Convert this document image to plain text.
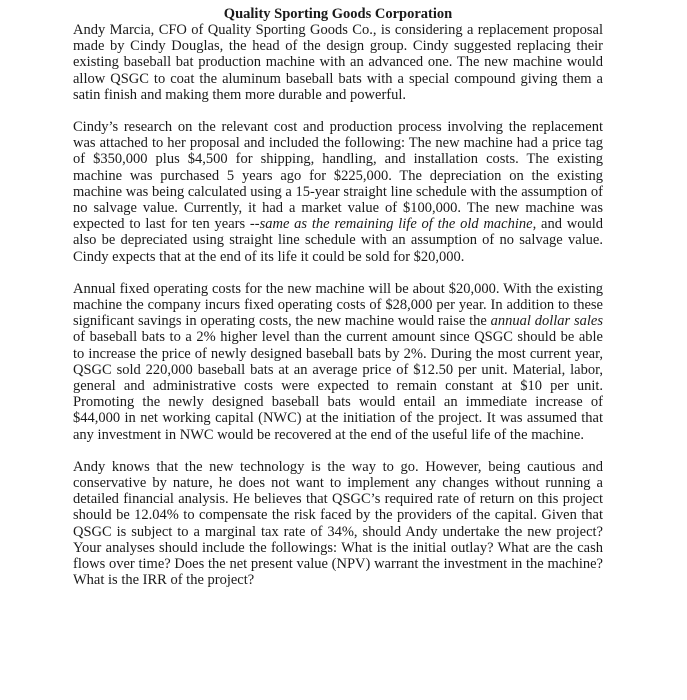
Quality Sporting Goods Corporation

Andy Marcia, CFO of Quality Sporting Goods Co., is considering a replacement proposal made by Cindy Douglas, the head of the design group. Cindy suggested replacing their existing baseball bat production machine with an advanced one. The new machine would allow QSGC to coat the aluminum baseball bats with a special compound giving them a satin finish and making them more durable and powerful.

Cindy’s research on the relevant cost and production process involving the replacement was attached to her proposal and included the following: The new machine had a price tag of $350,000 plus $4,500 for shipping, handling, and installation costs. The existing machine was purchased 5 years ago for $225,000. The depreciation on the existing machine was being calculated using a 15-year straight line schedule with the assumption of no salvage value. Currently, it had a market value of $100,000. The new machine was expected to last for ten years --same as the remaining life of the old machine, and would also be depreciated using straight line schedule with an assumption of no salvage value. Cindy expects that at the end of its life it could be sold for $20,000.

Annual fixed operating costs for the new machine will be about $20,000. With the existing machine the company incurs fixed operating costs of $28,000 per year. In addition to these significant savings in operating costs, the new machine would raise the annual dollar sales of baseball bats to a 2% higher level than the current amount since QSGC should be able to increase the price of newly designed baseball bats by 2%. During the most current year, QSGC sold 220,000 baseball bats at an average price of $12.50 per unit. Material, labor, general and administrative costs were expected to remain constant at $10 per unit. Promoting the newly designed baseball bats would entail an immediate increase of $44,000 in net working capital (NWC) at the initiation of the project. It was assumed that any investment in NWC would be recovered at the end of the useful life of the machine.

Andy knows that the new technology is the way to go. However, being cautious and conservative by nature, he does not want to implement any changes without running a detailed financial analysis. He believes that QSGC’s required rate of return on this project should be 12.04% to compensate the risk faced by the providers of the capital. Given that QSGC is subject to a marginal tax rate of 34%, should Andy undertake the new project? Your analyses should include the followings: What is the initial outlay? What are the cash flows over time? Does the net present value (NPV) warrant the investment in the machine? What is the IRR of the project?
